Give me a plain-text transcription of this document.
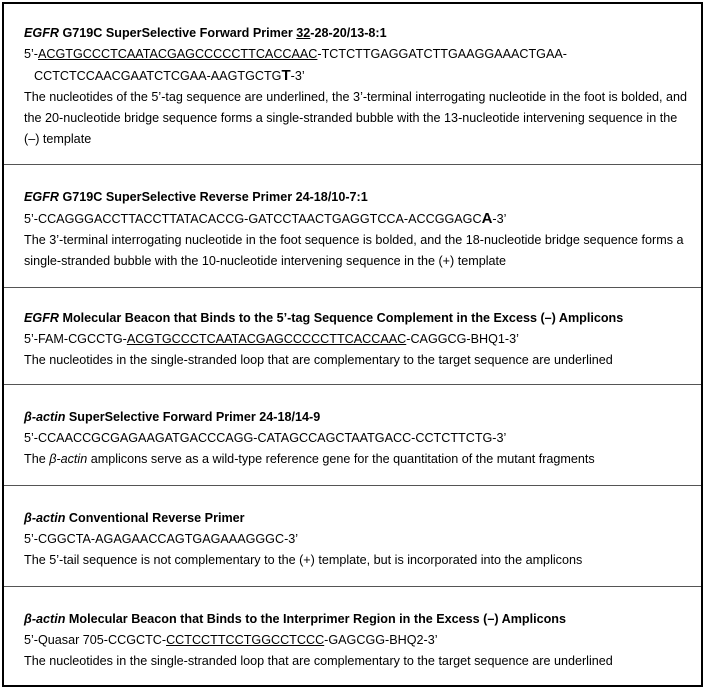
EGFR G719C SuperSelective Forward Primer 32-28-20/13-8:1
5’-ACGTGCCCTCAATACGAGCCCCCTTCACCAAC-TCTCTTGAGGATCTTGAAGGAAACTGAA-
CCTCTCCAACGAATCTCGAA-AAGTGCTGT-3’
The nucleotides of the 5’-tag sequence are underlined, the 3’-terminal interrogating nucleotide in the foot is bolded, and the 20-nucleotide bridge sequence forms a single-stranded bubble with the 13-nucleotide intervening sequence in the (–) template
EGFR G719C SuperSelective Reverse Primer 24-18/10-7:1
5’-CCAGGGACCTTACCTTATACACCG-GATCCTAACTGAGGTCCA-ACCGGAGCA-3’
The 3’-terminal interrogating nucleotide in the foot sequence is bolded, and the 18-nucleotide bridge sequence forms a single-stranded bubble with the 10-nucleotide intervening sequence in the (+) template
EGFR Molecular Beacon that Binds to the 5’-tag Sequence Complement in the Excess (–) Amplicons
5’-FAM-CGCCTG-ACGTGCCCTCAATACGAGCCCCCTTCACCAAC-CAGGCG-BHQ1-3’
The nucleotides in the single-stranded loop that are complementary to the target sequence are underlined
β-actin SuperSelective Forward Primer 24-18/14-9
5’-CCAACCGCGAGAAGATGACCCAGG-CATAGCCAGCTAATGACC-CCTCTTCTG-3’
The β-actin amplicons serve as a wild-type reference gene for the quantitation of the mutant fragments
β-actin Conventional Reverse Primer
5’-CGGCTA-AGAGAACCAGTGAGAAAGGGC-3’
The 5’-tail sequence is not complementary to the (+) template, but is incorporated into the amplicons
β-actin Molecular Beacon that Binds to the Interprimer Region in the Excess (–) Amplicons
5’-Quasar 705-CCGCTC-CCTCCTTCCTGGCCTCCC-GAGCGG-BHQ2-3’
The nucleotides in the single-stranded loop that are complementary to the target sequence are underlined
